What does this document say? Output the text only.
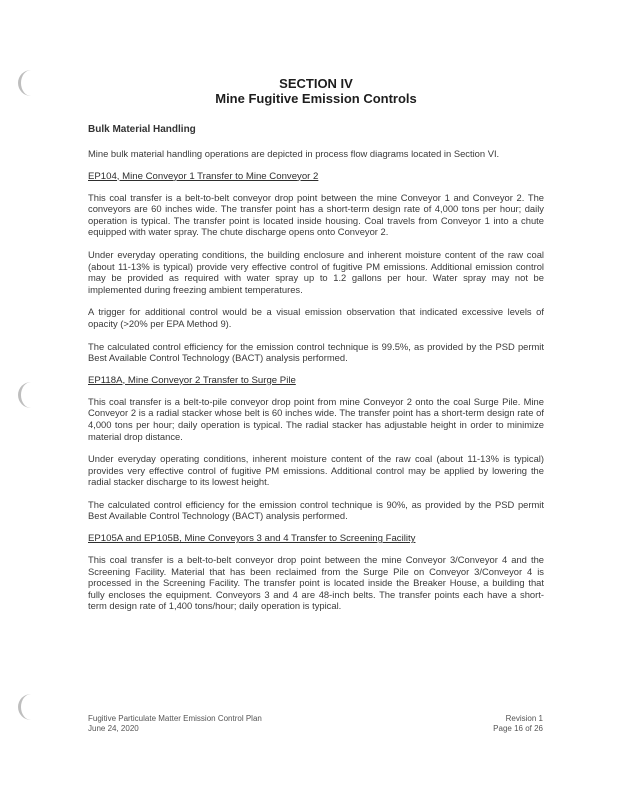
SECTION IV
Mine Fugitive Emission Controls
Bulk Material Handling

Mine bulk material handling operations are depicted in process flow diagrams located in Section VI.

EP104, Mine Conveyor 1 Transfer to Mine Conveyor 2

This coal transfer is a belt-to-belt conveyor drop point between the mine Conveyor 1 and Conveyor 2. The conveyors are 60 inches wide. The transfer point has a short-term design rate of 4,000 tons per hour; daily operation is typical. The transfer point is located inside housing. Coal travels from Conveyor 1 into a chute equipped with water spray. The chute discharge opens onto Conveyor 2.

Under everyday operating conditions, the building enclosure and inherent moisture content of the raw coal (about 11-13% is typical) provide very effective control of fugitive PM emissions. Additional emission control may be provided as required with water spray up to 1.2 gallons per hour. Water spray may not be implemented during freezing ambient temperatures.

A trigger for additional control would be a visual emission observation that indicated excessive levels of opacity (>20% per EPA Method 9).

The calculated control efficiency for the emission control technique is 99.5%, as provided by the PSD permit Best Available Control Technology (BACT) analysis performed.

EP118A, Mine Conveyor 2 Transfer to Surge Pile

This coal transfer is a belt-to-pile conveyor drop point from mine Conveyor 2 onto the coal Surge Pile. Mine Conveyor 2 is a radial stacker whose belt is 60 inches wide. The transfer point has a short-term design rate of 4,000 tons per hour; daily operation is typical. The radial stacker has adjustable height in order to minimize material drop distance.

Under everyday operating conditions, inherent moisture content of the raw coal (about 11-13% is typical) provides very effective control of fugitive PM emissions. Additional control may be applied by lowering the radial stacker discharge to its lowest height.

The calculated control efficiency for the emission control technique is 90%, as provided by the PSD permit Best Available Control Technology (BACT) analysis performed.

EP105A and EP105B, Mine Conveyors 3 and 4 Transfer to Screening Facility

This coal transfer is a belt-to-belt conveyor drop point between the mine Conveyor 3/Conveyor 4 and the Screening Facility. Material that has been reclaimed from the Surge Pile on Conveyor 3/Conveyor 4 is processed in the Screening Facility. The transfer point is located inside the Breaker House, a building that fully encloses the equipment. Conveyors 3 and 4 are 48-inch belts. The transfer points each have a short-term design rate of 1,400 tons/hour; daily operation is typical.

Fugitive Particulate Matter Emission Control Plan
June 24, 2020
Revision 1
Page 16 of 26
